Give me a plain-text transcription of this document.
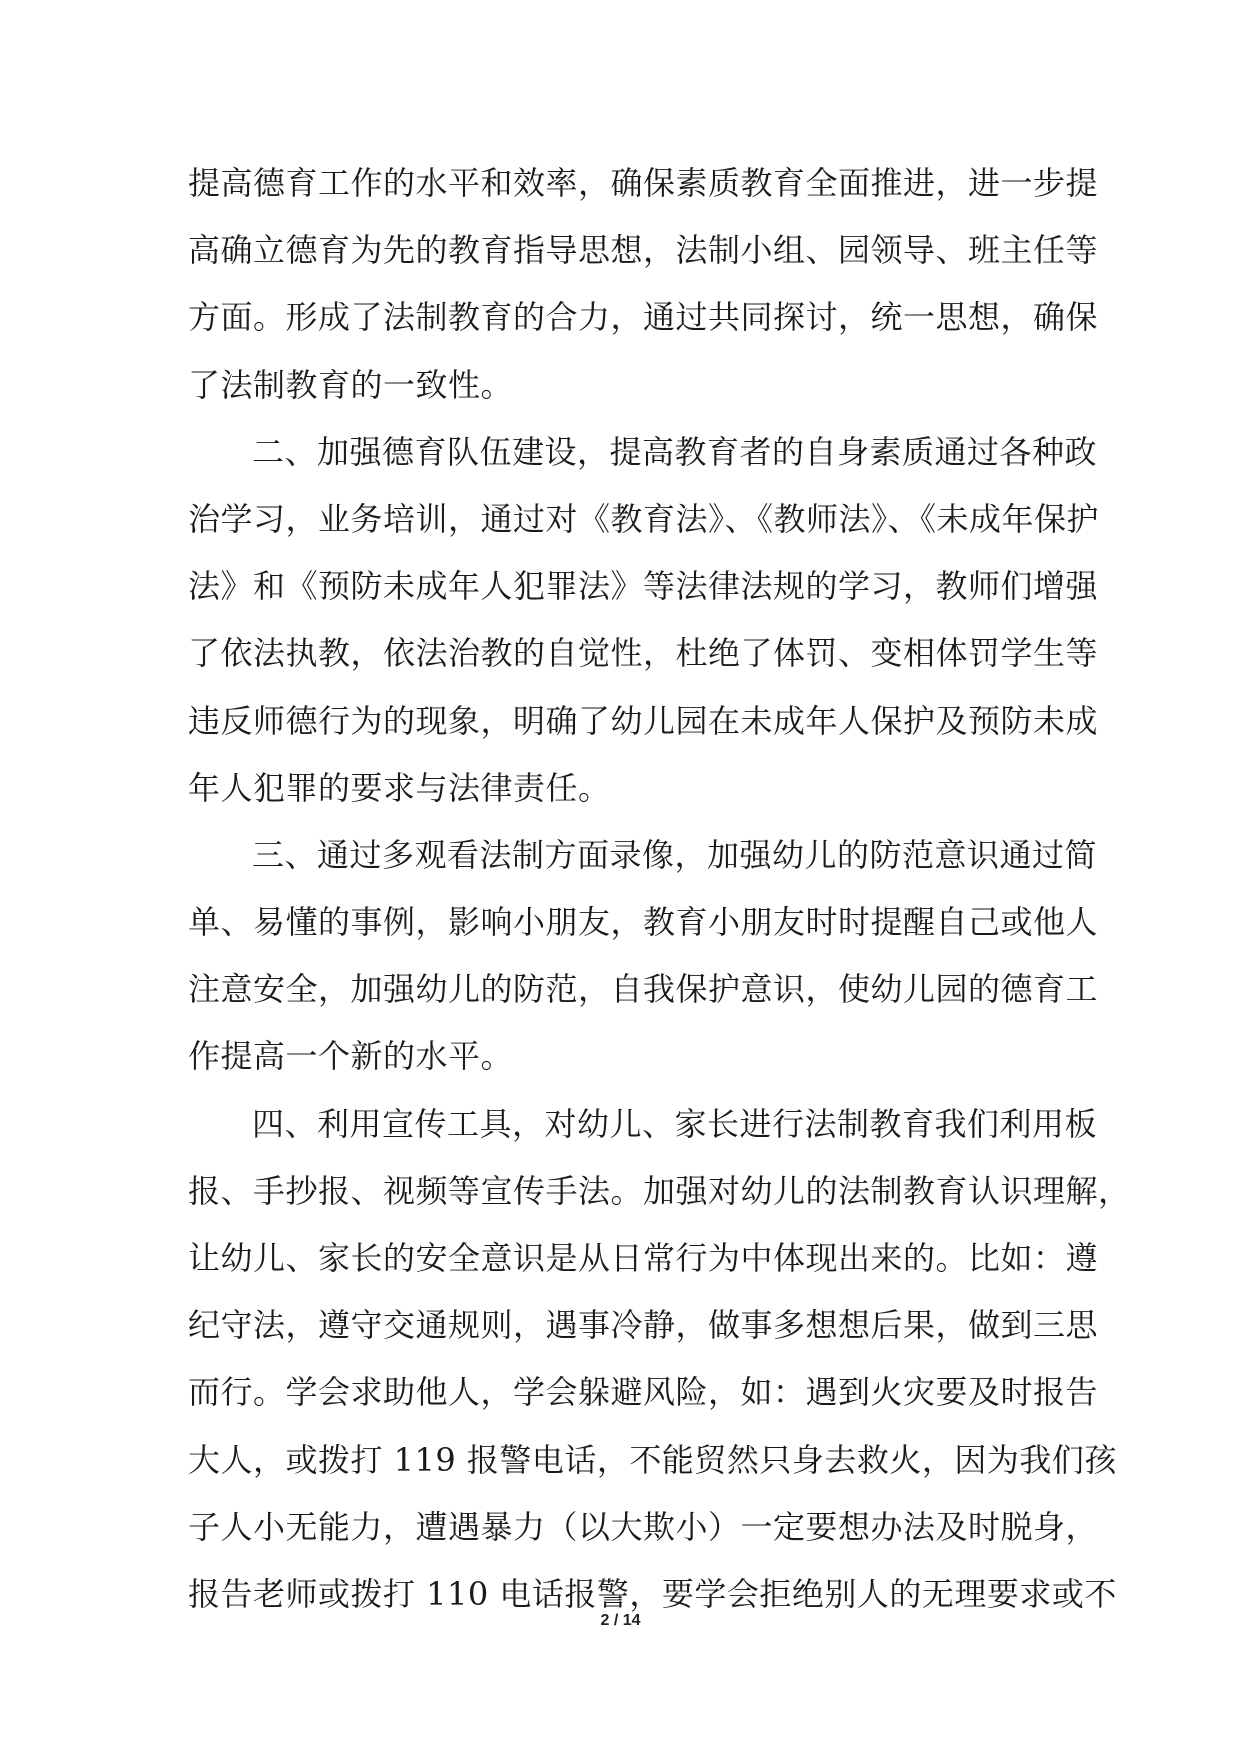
提高德育工作的水平和效率，确保素质教育全面推进，进一步提
高确立德育为先的教育指导思想，法制小组、园领导、班主任等
方面。形成了法制教育的合力，通过共同探讨，统一思想，确保
了法制教育的一致性。
二、加强德育队伍建设，提高教育者的自身素质通过各种政
治学习，业务培训，通过对《教育法》、《教师法》、《未成年保护
法》和《预防未成年人犯罪法》等法律法规的学习，教师们增强
了依法执教，依法治教的自觉性，杜绝了体罚、变相体罚学生等
违反师德行为的现象，明确了幼儿园在未成年人保护及预防未成
年人犯罪的要求与法律责任。
三、通过多观看法制方面录像，加强幼儿的防范意识通过简
单、易懂的事例，影响小朋友，教育小朋友时时提醒自己或他人
注意安全，加强幼儿的防范，自我保护意识，使幼儿园的德育工
作提高一个新的水平。
四、利用宣传工具，对幼儿、家长进行法制教育我们利用板
报、手抄报、视频等宣传手法。加强对幼儿的法制教育认识理解，
让幼儿、家长的安全意识是从日常行为中体现出来的。比如：遵
纪守法，遵守交通规则，遇事冷静，做事多想想后果，做到三思
而行。学会求助他人，学会躲避风险，如：遇到火灾要及时报告
大人，或拨打 119 报警电话，不能贸然只身去救火，因为我们孩
子人小无能力，遭遇暴力（以大欺小）一定要想办法及时脱身，
报告老师或拨打 110 电话报警，要学会拒绝别人的无理要求或不
2 / 14
